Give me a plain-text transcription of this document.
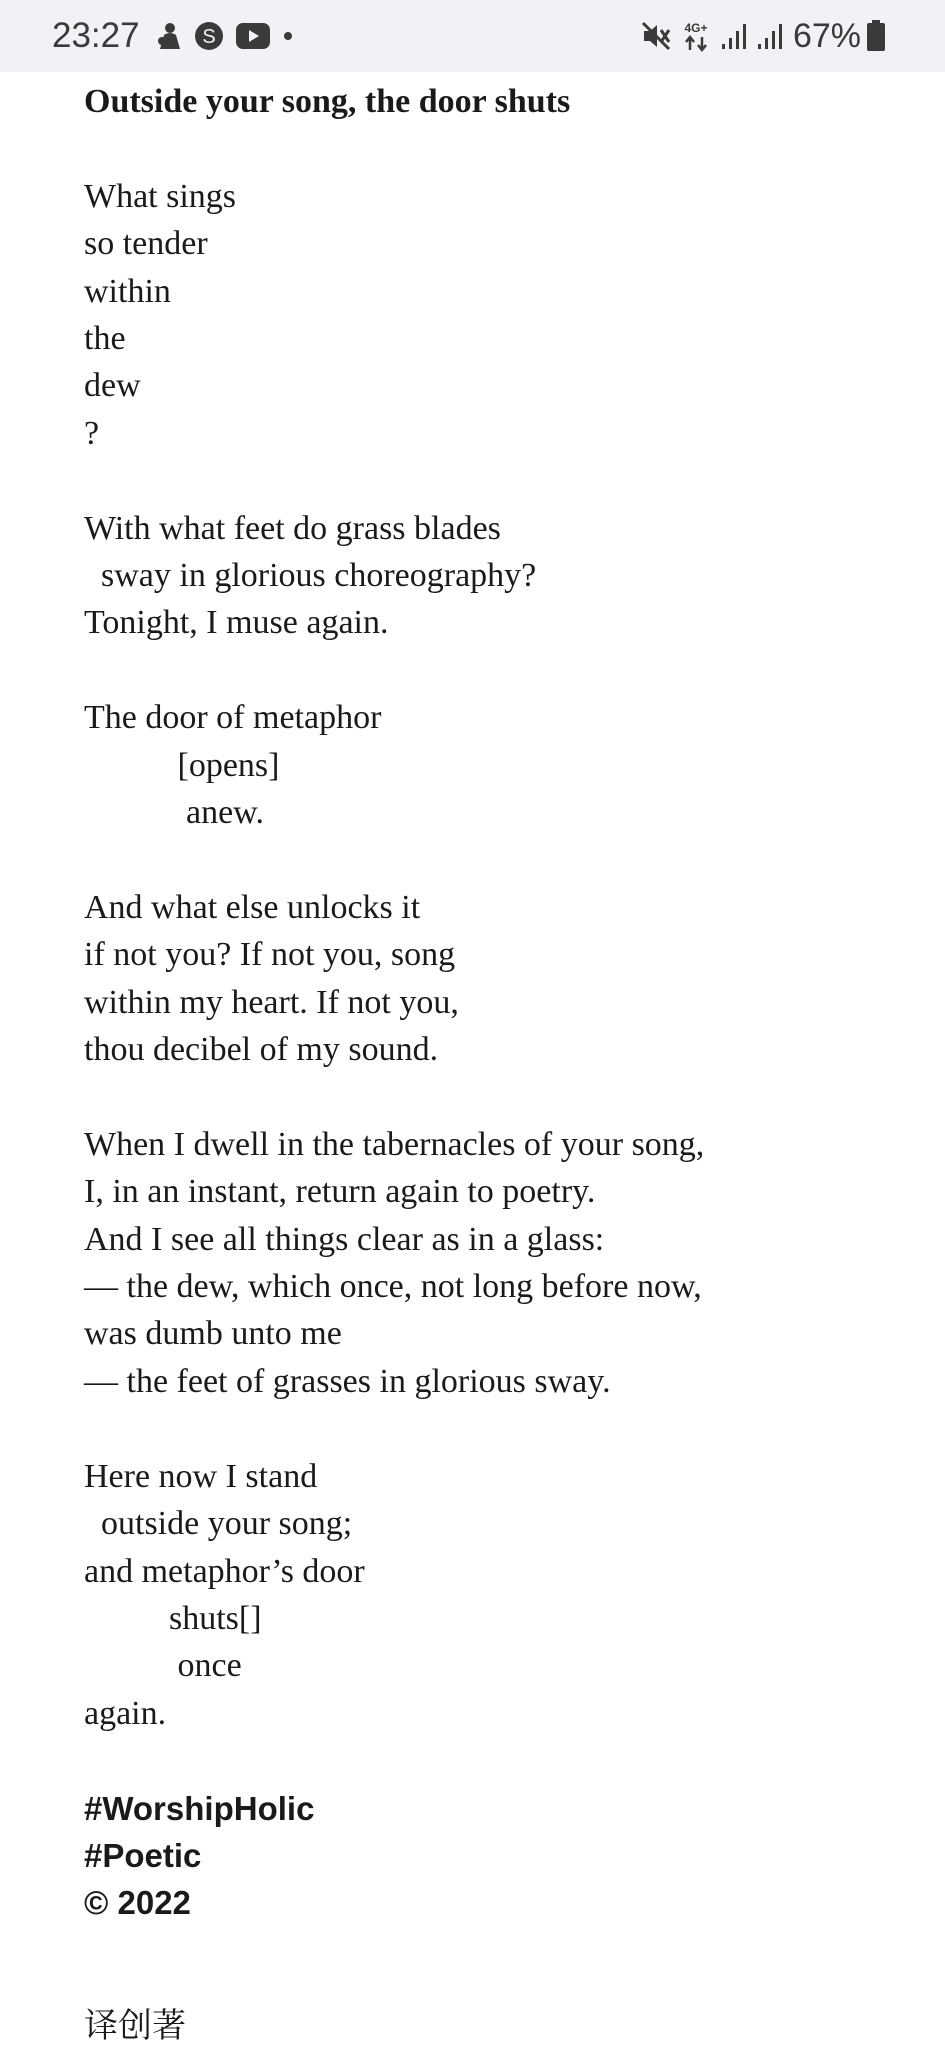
23:27	S	4G+	67%
Outside your song, the door shuts
What sings
so tender
within
the
dew
?
With what feet do grass blades
sway in glorious choreography?
Tonight, I muse again.
The door of metaphor
[opens]
anew.
And what else unlocks it
if not you? If not you, song
within my heart. If not you,
thou decibel of my sound.
When I dwell in the tabernacles of your song,
I, in an instant, return again to poetry.
And I see all things clear as in a glass:
— the dew, which once, not long before now,
was dumb unto me
— the feet of grasses in glorious sway.
Here now I stand
outside your song;
and metaphor’s door
shuts[]
once
again.
#WorshipHolic
#Poetic
© 2022
译创著
